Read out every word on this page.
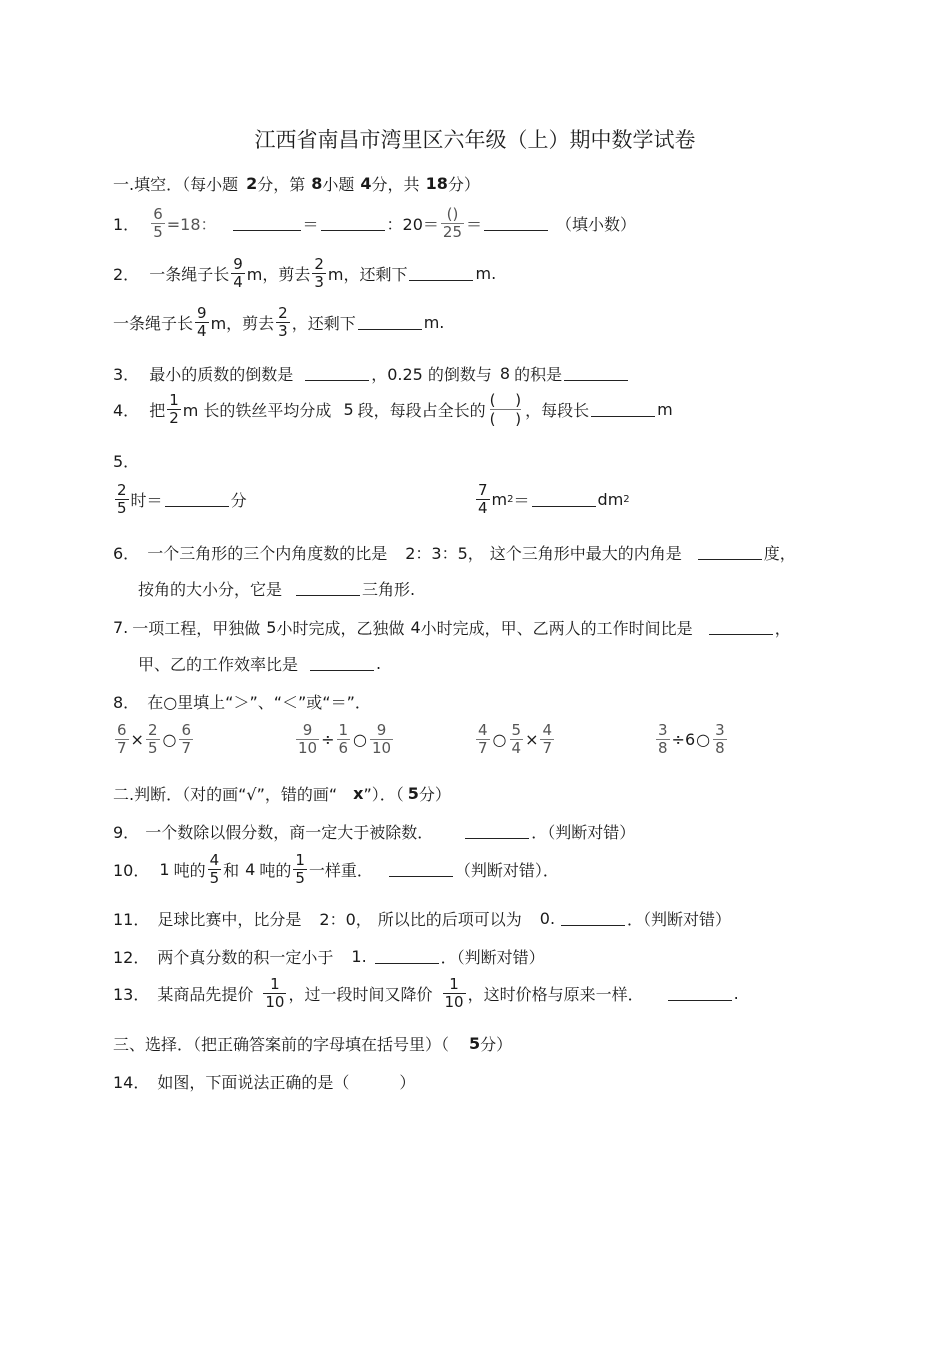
江西省南昌市湾里区六年级（上）期中数学试卷
一.填空．（每小题 2 分，第 8 小题 4 分，共 18 分）
1． $\frac{6}{5} =18$：	＝	：$20= \frac{()}{25}$ ＝	（填小数）
2． 一条绳子长 $\frac{9}{4}$ m，剪去 $\frac{2}{3}$ m，还剩下	m.
一条绳子长 $\frac{9}{4}$ m，剪去 $\frac{2}{3}$ ，还剩下	m.
3． 最小的质数的倒数是	，0.25 的倒数与 8 的积是
4． 把 $\frac{1}{2}$ m 长的铁丝平均分成 5 段，每段占全长的 $\frac{( )}{( )}$ ，每段长	m
5．
$\frac{2}{5}$ 时＝	分	$\frac{7}{4}$ m 2 ＝	dm 2
6． 一个三角形的三个内角度数的比是 2：3：5， 这个三角形中最大的内角是	度，
按角的大小分，它是	三角形.
7. 一项工程，甲独做 5 小时完成，乙独做 4 小时完成，甲、乙两人的工作时间比是	，
甲、乙的工作效率比是	.
8． 在○里填上“＞”、“＜”或“＝”．
$\frac{6}{7} \times \frac{2}{5}$ ○ $\frac{6}{7}$	$\frac{9}{10} \div \frac{1}{6}$ ○ $\frac{9}{10}$	$\frac{4}{7}$ ○ $\frac{5}{4} \times \frac{4}{7}$	$\frac{3}{8} \div 6$ ○ $\frac{3}{8}$
二.判断．（对的画“√”，错的画“ x ”）．（ 5 分）
9． 一个数除以假分数，商一定大于被除数．	．（判断对错）
10． 1 吨的 $\frac{4}{5}$ 和 4 吨的 $\frac{1}{5}$ 一样重．	（判断对错）．
11． 足球比赛中，比分是 2：0， 所以比的后项可以为 0.	．（判断对错）
12． 两个真分数的积一定小于 1.	．（判断对错）
13． 某商品先提价 $\frac{1}{10}$ ，过一段时间又降价 $\frac{1}{10}$ ，这时价格与原来一样．	.
三、选择．（把正确答案前的字母填在括号里）（ 5 分）
14． 如图，下面说法正确的是（	）
